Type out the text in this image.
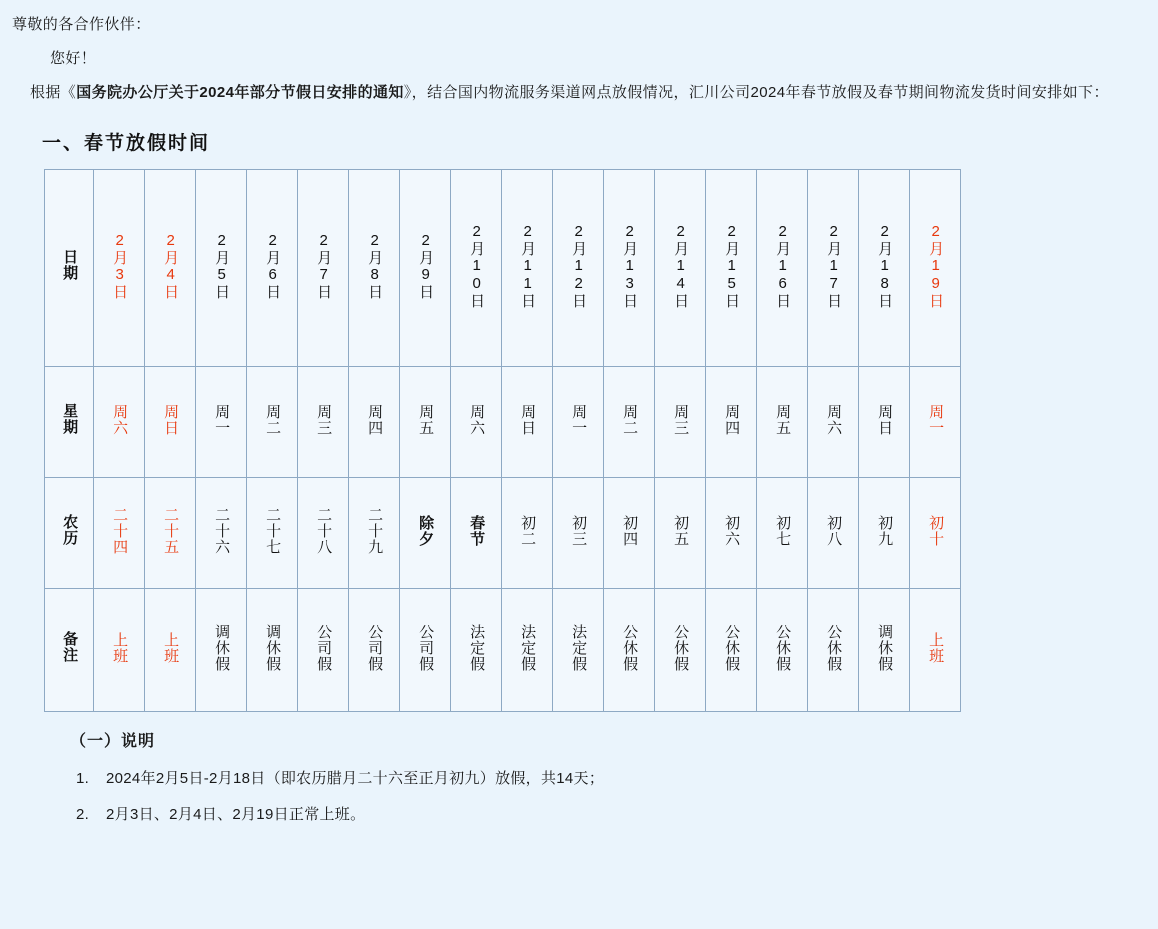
尊敬的各合作伙伴：

您好！

根据《国务院办公厅关于2024年部分节假日安排的通知》，结合国内物流服务渠道网点放假情况，汇川公司2024年春节放假及春节期间物流发货时间安排如下：

一、春节放假时间
日期	2月3日	2月4日	2月5日	2月6日	2月7日	2月8日	2月9日	2月10日	2月11日	2月12日	2月13日	2月14日	2月15日	2月16日	2月17日	2月18日	2月19日
星期	周六	周日	周一	周二	周三	周四	周五	周六	周日	周一	周二	周三	周四	周五	周六	周日	周一
农历	二十四	二十五	二十六	二十七	二十八	二十九	除夕	春节	初二	初三	初四	初五	初六	初七	初八	初九	初十
备注	上班	上班	调休假	调休假	公司假	公司假	公司假	法定假	法定假	法定假	公休假	公休假	公休假	公休假	公休假	调休假	上班
（一）说明
1. 2024年2月5日-2月18日（即农历腊月二十六至正月初九）放假，共14天；
2. 2月3日、2月4日、2月19日正常上班。
